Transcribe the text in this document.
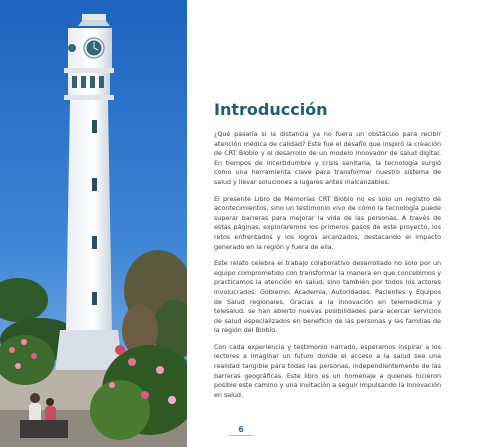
Introducción

¿Qué pasaría si la distancia ya no fuera un obstáculo para recibir atención médica de calidad? Este fue el desafío que inspiró la creación de CRT Biobío y el desarrollo de un modelo innovador de salud digital. En tiempos de incertidumbre y crisis sanitaria, la tecnología surgió como una herramienta clave para transformar nuestro sistema de salud y llevar soluciones a lugares antes inalcanzables.

El presente Libro de Memorias CRT Biobío no es solo un registro de acontecimientos, sino un testimonio vivo de cómo la tecnología puede superar barreras para mejorar la vida de las personas. A través de estas páginas, exploraremos los primeros pasos de este proyecto, los retos enfrentados y los logros alcanzados, destacando el impacto generado en la región y fuera de ella.

Este relato celebra el trabajo colaborativo desarrollado no solo por un equipo comprometido con transformar la manera en que concebimos y practicamos la atención en salud, sino también por todos los actores involucrados: Gobierno, Academia, Autoridades, Pacientes y Equipos de Salud regionales. Gracias a la innovación en telemedicina y telesalud, se han abierto nuevas posibilidades para acercar servicios de salud especializados en beneficio de las personas y las familias de la región del Biobío.

Con cada experiencia y testimonio narrado, esperamos inspirar a los lectores a imaginar un futuro donde el acceso a la salud sea una realidad tangible para todas las personas, independientemente de las barreras geográficas. Este libro es un homenaje a quienes hicieron posible este camino y una invitación a seguir impulsando la innovación en salud.

6
